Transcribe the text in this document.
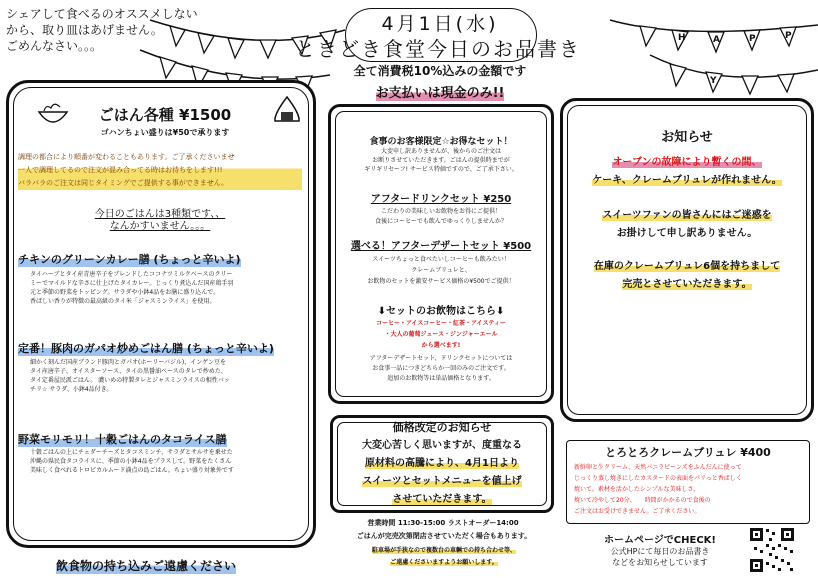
H	A	P	P
Y
シェアして食べるのオススメしない
から、取り皿はあげません。
ごめんなさい。。。
4月1日(水)
ときどき食堂今日のお品書き
全て消費税10%込みの金額です
お支払いは現金のみ!!
ごはん各種 ¥1500
ゴハンちょい盛りは¥50で承ります
調理の都合により順番が変わることもあります。ご了承くださいませ
一人で調理してるので注文が混み合ってる時はお待ちをします!!!
バラバラのご注文は同じタイミングでご提供する事ができません。
今日のごはんは3種類です、、
なんかすいません。。。
チキンのグリーンカレー膳 (ちょっと辛いよ)
タイハーブとタイ産青唐辛子をブレンドしたココナツミルクベースのクリー
ミーでマイルドな辛さに仕上げたタイカレー。じっくり煮込んだ国産鶏手羽
元と季節の野菜をトッピング。サラダや小鉢4品をお膳に盛り込んで。
香ばしい香りが特徴の最高級のタイ米「ジャスミンライス」を使用。
定番！豚肉のガパオ炒めごはん膳 (ちょっと辛いよ)
細かく刻んだ国産ブランド豚肉とガパオ(ホーリーバジル)、インゲン豆を
タイ産唐辛子、オイスターソース、タイの黒醤油ベースのタレで炒めた、
タイ定番屋民派ごはん。 濃いめの特製タレとジャスミンライスの相性バッ
チリ☆ サラダ、小鉢4品付き。
野菜モリモリ！十穀ごはんのタコライス膳
十穀ごはんの上にチェダーチーズとタコスミンチ、サラダとサルサを乗せた
沖縄の県民食タコライスに、季節の小鉢4品をプラスして。野菜をたくさん
美味しく食べれるトロピカルムード満点の島ごはん。ちょい盛り対象外です
飲食物の持ち込みご遠慮ください
食事のお客様限定☆お得なセット！
大変申し訳ありませんが、後からのご注文は
お断りさせていただきます。ごはんの提供時までが
ギリギリセーフ! サービス特価ですので、ご了承下さい。
アフタードリンクセット ¥250
こだわりの美味しいお飲物をお得にご提供！
食後にコーヒーでも飲んでゆっくりしませんか？
選べる！アフターデザートセット ¥500
スイーツちょっと食べたいしコーヒーも飲みたい！
クレームブリュレと、
お飲物のセットを激安サービス価格の¥500でご提供！
⬇セットのお飲物はこちら⬇
コーヒー・アイスコーヒー・紅茶・アイスティー
・大人の葡萄ジュース・ジンジャーエール
から選べます!
アフターデザートセット、ドリンクセットについては
お食事一品につきどちらか一回のみのご注文です。
追加のお飲物等は単品価格となります。
価格改定のお知らせ
大変心苦しく思いますが、度重なる
原材料の高騰により、4月1日より
スイーツとセットメニューを値上げ
させていただきます。
営業時間 11:30-15:00 ラストオーダー14:00
ごはんが完売次第閉店させていただく場合もあります。
駐車場が手狭なので複数台の車輌での持ち合わせ等、
ご遠慮くださいますようお願いします。
お知らせ
オーブンの故障により暫くの間、
ケーキ、クレームブリュレが作れません。
スイーツファンの皆さんにはご迷惑を
お掛けして申し訳ありません。
在庫のクレームブリュレ6個を持ちまして
完売とさせていただきます。
とろとろクレームブリュレ ¥400
新鮮卵と生クリーム、天然バニラビーンズをふんだんに使って
じっくり蒸し焼きにしたカスタードの表面をパリっと香ばしく
焼いて。素材を活かしたシンプルな美味しさ、
焼いて冷やして20分、　　時間がかかるので食後の
ご注文はお受けできません。ご了承ください。
ホームページでCHECK!
公式HPにて毎日のお品書き
などをお知らせしています
